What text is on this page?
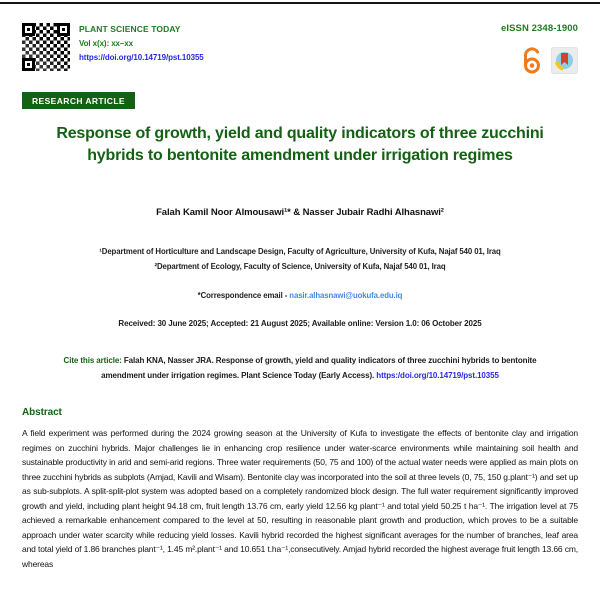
PLANT SCIENCE TODAY
Vol x(x): xx–xx
https://doi.org/10.14719/pst.10355
eISSN 2348-1900
RESEARCH ARTICLE
Response of growth, yield and quality indicators of three zucchini hybrids to bentonite amendment under irrigation regimes
Falah Kamil Noor Almousawi¹* & Nasser Jubair Radhi Alhasnawi²
¹Department of Horticulture and Landscape Design, Faculty of Agriculture, University of Kufa, Najaf 540 01, Iraq
²Department of Ecology, Faculty of Science, University of Kufa, Najaf 540 01, Iraq
*Correspondence email - nasir.alhasnawi@uokufa.edu.iq
Received: 30 June 2025; Accepted: 21 August 2025; Available online: Version 1.0: 06 October 2025
Cite this article: Falah KNA, Nasser JRA. Response of growth, yield and quality indicators of three zucchini hybrids to bentonite amendment under irrigation regimes. Plant Science Today (Early Access). https:/doi.org/10.14719/pst.10355
Abstract
A field experiment was performed during the 2024 growing season at the University of Kufa to investigate the effects of bentonite clay and irrigation regimes on zucchini hybrids. Major challenges lie in enhancing crop resilience under water-scarce environments while maintaining soil health and sustainable productivity in arid and semi-arid regions. Three water requirements (50, 75 and 100) of the actual water needs were applied as main plots on three zucchini hybrids as subplots (Amjad, Kavili and Wisam). Bentonite clay was incorporated into the soil at three levels (0, 75, 150 g.plant⁻¹) and set up as sub-subplots. A split-split-plot system was adopted based on a completely randomized block design. The full water requirement significantly improved growth and yield, including plant height 94.18 cm, fruit length 13.76 cm, early yield 12.56 kg plant⁻¹ and total yield 50.25 t ha⁻¹. The irrigation level at 75 achieved a remarkable enhancement compared to the level at 50, resulting in reasonable plant growth and production, which proves to be a suitable approach under water scarcity while reducing yield losses. Kavili hybrid recorded the highest significant averages for the number of branches, leaf area and total yield of 1.86 branches plant⁻¹, 1.45 m².plant⁻¹ and 10.651 t.ha⁻¹,consecutively. Amjad hybrid recorded the highest average fruit length 13.66 cm, whereas
